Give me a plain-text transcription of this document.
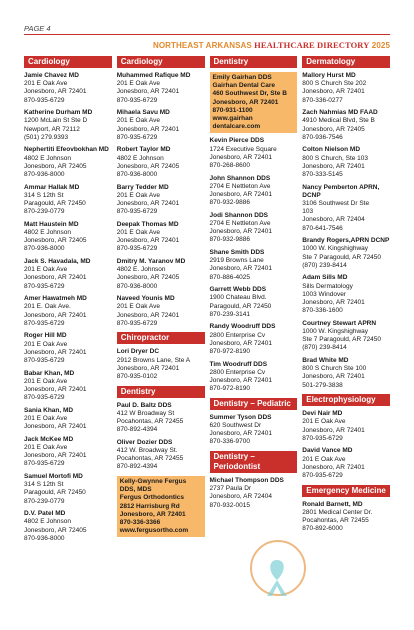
PAGE 4
NORTHEAST ARKANSAS HEALTHCARE DIRECTORY 2025
Cardiology
Jamie Chavez MD
201 E Oak Ave
Jonesboro, AR 72401
870-935-6729
Katherine Durham MD
1200 McLain St Ste D
Newport, AR 72112
(501) 279.9393
Nephertiti Efeovbokhan MD
4802 E Johnson
Jonesboro, AR 72405
870-936-8000
Ammar Hallak MD
314 S 12th St
Paragould, AR 72450
870-239-0779
Matt Haustein MD
4802 E Johnson
Jonesboro, AR 72405
870-936-8000
Jack S. Havadala, MD
201 E Oak Ave
Jonesboro, AR 72401
870-935-6729
Amer Hawatmeh MD
201 E. Oak Ave.
Jonesboro, AR 72401
870-935-6729
Roger Hill MD
201 E Oak Ave
Jonesboro, AR 72401
870-935-6729
Babar Khan, MD
201 E Oak Ave
Jonesboro, AR 72401
870-935-6729
Sania Khan, MD
201 E Oak Ave
Jonesboro, AR 72401
Jack McKee MD
201 E Oak Ave
Jonesboro, AR 72401
870-935-6729
Samuel Mortofi MD
314 S 12th St
Paragould, AR 72450
870-239-0779
D.V. Patel MD
4802 E Johnson
Jonesboro, AR 72405
870-936-8000
Cardiology
Muhammed Rafique MD
201 E Oak Ave
Jonesboro, AR 72401
870-935-6729
Mihaela Savu MD
201 E Oak Ave
Jonesboro, AR 72401
870-935-6729
Robert Taylor MD
4802 E Johnson
Jonesboro, AR 72405
870-936-8000
Barry Tedder MD
201 E Oak Ave
Jonesboro, AR 72401
870-935-6729
Deepak Thomas MD
201 E Oak Ave
Jonesboro, AR 72401
870-935-6729
Dmitry M. Yaranov MD
4802 E. Johnson
Jonesboro, AR 72405
870-936-8000
Naveed Younis MD
201 E Oak Ave
Jonesboro, AR 72401
870-935-6729
Chiropractor
Lori Dryer DC
2912 Browns Lane, Ste A
Jonesboro, AR 72401
870-935-0102
Dentistry
Paul D. Baltz DDS
412 W Broadway St
Pocahontas, AR 72455
870-892-4394
Oliver Dozier DDS
412 W. Broadway St.
Pocahontas, AR 72455
870-892-4394
Kelly-Gwynne Fergus
DDS, MDS
Fergus Orthodontics
2812 Harrisburg Rd
Jonesboro, AR 72401
870-336-3366
www.fergusortho.com
Dentistry
Emily Gairhan DDS
Gairhan Dental Care
460 Southwest Dr, Ste B
Jonesboro, AR 72401
870-931-1100
www.gairhan
dentalcare.com
Kevin Pierce DDS
1724 Executive Square
Jonesboro, AR 72401
870-268-8600
John Shannon DDS
2704 E Nettleton Ave
Jonesboro, AR 72401
870-932-9886
Jodi Shannon DDS
2704 E Nettleton Ave
Jonesboro, AR 72401
870-932-9886
Shane Smith DDS
2919 Browns Lane
Jonesboro, AR 72401
870-886-4025
Garrett Webb DDS
1900 Chateau Blvd.
Paragould, AR 72450
870-239-3141
Randy Woodruff DDS
2800 Enterprise Cv
Jonesboro, AR 72401
870-972-8190
Tim Woodruff DDS
2800 Enterprise Cv
Jonesboro, AR 72401
870-972-8190
Dentistry – Pediatric
Summer Tyson DDS
620 Southwest Dr
Jonesboro, AR 72401
870-336-9700
Dentistry –
Periodontist
Michael Thompson DDS
2737 Paula Dr
Jonesboro, AR 72404
870-932-0015
Dermatology
Mallory Hurst MD
800 S Church Ste 202
Jonesboro, AR 72401
870-336-0277
Zach Nahmias MD FAAD
4910 Medical Blvd, Ste B
Jonesboro, AR 72405
870-936-7546
Colton Nielson MD
800 S Church, Ste 103
Jonesboro, AR 72401
870-333-5145
Nancy Pemberton APRN, DCNP
3106 Southwest Dr Ste
103
Jonesboro, AR 72404
870-641-7546
Brandy Rogers,APRN DCNP
1000 W. Kingshighway
Ste 7 Paragould, AR 72450
(870) 239-8414
Adam Sills MD
Sills Dermatology
1003 Windover
Jonesboro, AR 72401
870-336-1600
Courtney Stewart APRN
1000 W. Kingshighway
Ste 7 Paragould, AR 72450
(870) 239-8414
Brad White MD
800 S Church Ste 100
Jonesboro, AR 72401
501-279-3838
Electrophysiology
Devi Nair MD
201 E Oak Ave
Jonesboro, AR 72401
870-935-6729
David Vance MD
201 E Oak Ave
Jonesboro, AR 72401
870-935-6729
Emergency Medicine
Ronald Barnett, MD
2801 Medical Center Dr.
Pocahontas, AR 72455
870-892-6000
